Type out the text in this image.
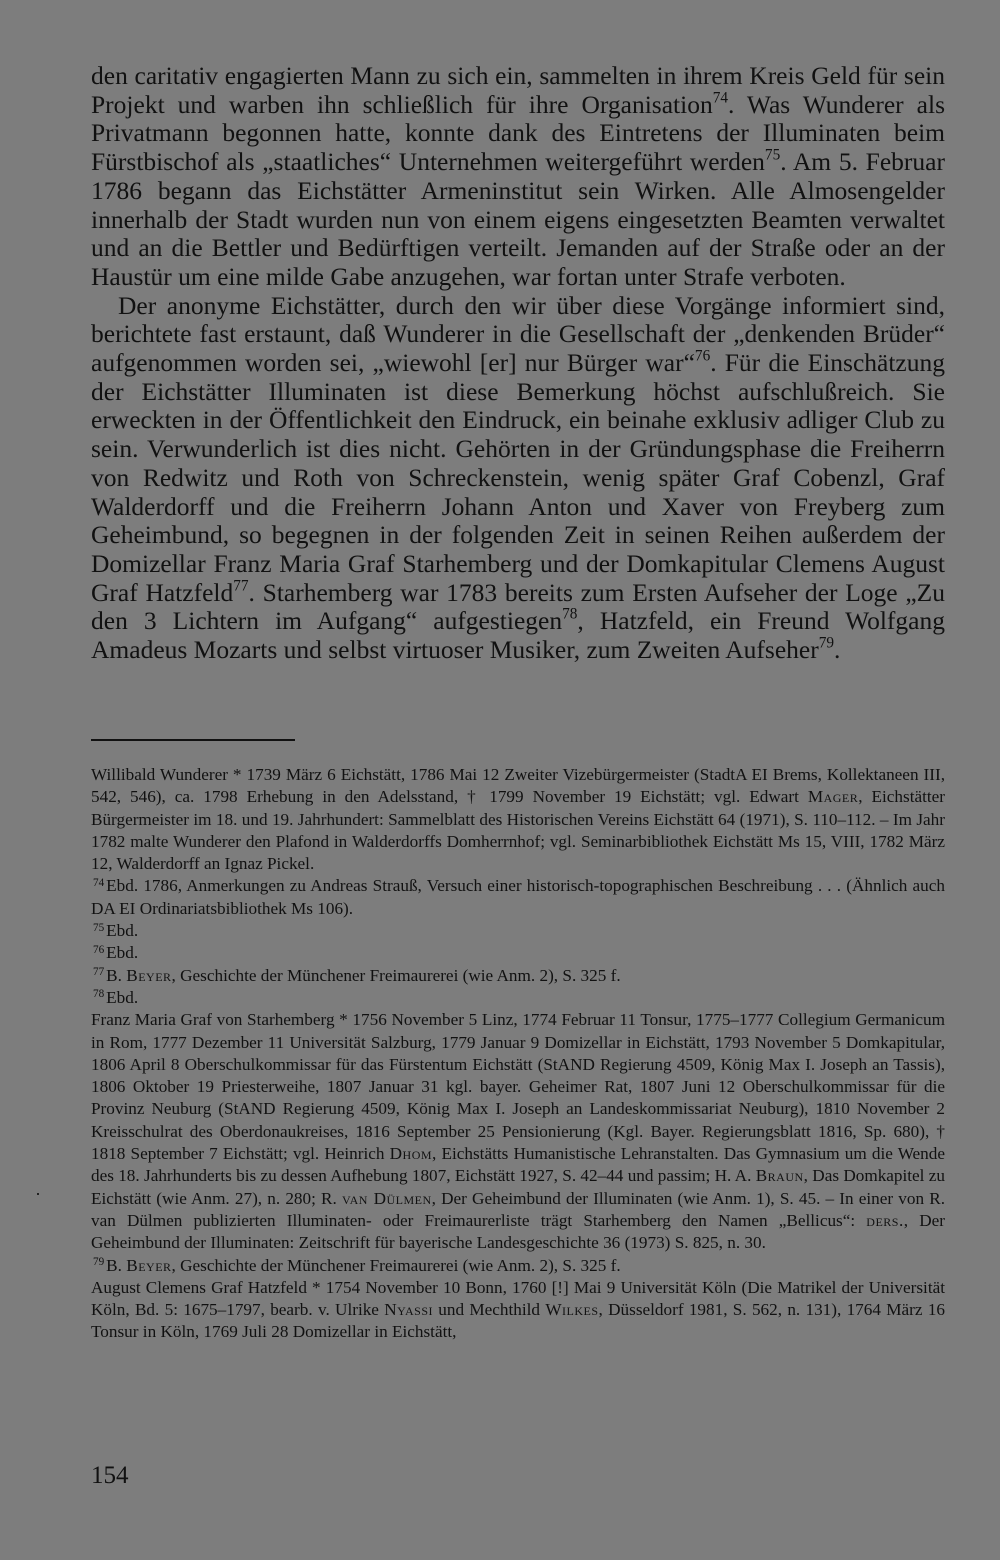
den caritativ engagierten Mann zu sich ein, sammelten in ihrem Kreis Geld für sein Projekt und warben ihn schließlich für ihre Organisation$^{74}$. Was Wunderer als Privatmann begonnen hatte, konnte dank des Eintretens der Illuminaten beim Fürstbischof als „staatliches“ Unternehmen weitergeführt werden$^{75}$. Am 5. Februar 1786 begann das Eichstätter Armeninstitut sein Wirken. Alle Almosengelder innerhalb der Stadt wurden nun von einem eigens eingesetzten Beamten verwaltet und an die Bettler und Bedürftigen verteilt. Jemanden auf der Straße oder an der Haustür um eine milde Gabe anzugehen, war fortan unter Strafe verboten.

Der anonyme Eichstätter, durch den wir über diese Vorgänge informiert sind, berichtete fast erstaunt, daß Wunderer in die Gesellschaft der „denkenden Brüder“ aufgenommen worden sei, „wiewohl [er] nur Bürger war“$^{76}$. Für die Einschätzung der Eichstätter Illuminaten ist diese Bemerkung höchst aufschlußreich. Sie erweckten in der Öffentlichkeit den Eindruck, ein beinahe exklusiv adliger Club zu sein. Verwunderlich ist dies nicht. Gehörten in der Gründungsphase die Freiherrn von Redwitz und Roth von Schreckenstein, wenig später Graf Cobenzl, Graf Walderdorff und die Freiherrn Johann Anton und Xaver von Freyberg zum Geheimbund, so begegnen in der folgenden Zeit in seinen Reihen außerdem der Domizellar Franz Maria Graf Starhemberg und der Domkapitular Clemens August Graf Hatzfeld$^{77}$. Starhemberg war 1783 bereits zum Ersten Aufseher der Loge „Zu den 3 Lichtern im Aufgang“ aufgestiegen$^{78}$, Hatzfeld, ein Freund Wolfgang Amadeus Mozarts und selbst virtuoser Musiker, zum Zweiten Aufseher$^{79}$.

Willibald Wunderer * 1739 März 6 Eichstätt, 1786 Mai 12 Zweiter Vizebürgermeister (StadtA EI Brems, Kollektaneen III, 542, 546), ca. 1798 Erhebung in den Adelsstand, † 1799 November 19 Eichstätt; vgl. Edwart Mager, Eichstätter Bürgermeister im 18. und 19. Jahrhundert: Sammelblatt des Historischen Vereins Eichstätt 64 (1971), S. 110–112. – Im Jahr 1782 malte Wunderer den Plafond in Walderdorffs Domherrnhof; vgl. Seminarbibliothek Eichstätt Ms 15, VIII, 1782 März 12, Walderdorff an Ignaz Pickel.

$^{74}$ Ebd. 1786, Anmerkungen zu Andreas Strauß, Versuch einer historisch-topographischen Beschreibung . . . (Ähnlich auch DA EI Ordinariatsbibliothek Ms 106).

$^{75}$ Ebd.

$^{76}$ Ebd.

$^{77}$ B. Beyer, Geschichte der Münchener Freimaurerei (wie Anm. 2), S. 325 f.

$^{78}$ Ebd.

Franz Maria Graf von Starhemberg * 1756 November 5 Linz, 1774 Februar 11 Tonsur, 1775–1777 Collegium Germanicum in Rom, 1777 Dezember 11 Universität Salzburg, 1779 Januar 9 Domizellar in Eichstätt, 1793 November 5 Domkapitular, 1806 April 8 Oberschulkommissar für das Fürstentum Eichstätt (StAND Regierung 4509, König Max I. Joseph an Tassis), 1806 Oktober 19 Priesterweihe, 1807 Januar 31 kgl. bayer. Geheimer Rat, 1807 Juni 12 Oberschulkommissar für die Provinz Neuburg (StAND Regierung 4509, König Max I. Joseph an Landeskommissariat Neuburg), 1810 November 2 Kreisschulrat des Oberdonaukreises, 1816 September 25 Pensionierung (Kgl. Bayer. Regierungsblatt 1816, Sp. 680), † 1818 September 7 Eichstätt; vgl. Heinrich Dhom, Eichstätts Humanistische Lehranstalten. Das Gymnasium um die Wende des 18. Jahrhunderts bis zu dessen Aufhebung 1807, Eichstätt 1927, S. 42–44 und passim; H. A. Braun, Das Domkapitel zu Eichstätt (wie Anm. 27), n. 280; R. van Dülmen, Der Geheimbund der Illuminaten (wie Anm. 1), S. 45. – In einer von R. van Dülmen publizierten Illuminaten- oder Freimaurerliste trägt Starhemberg den Namen „Bellicus“: ders., Der Geheimbund der Illuminaten: Zeitschrift für bayerische Landesgeschichte 36 (1973) S. 825, n. 30.

$^{79}$ B. Beyer, Geschichte der Münchener Freimaurerei (wie Anm. 2), S. 325 f.

August Clemens Graf Hatzfeld * 1754 November 10 Bonn, 1760 [!] Mai 9 Universität Köln (Die Matrikel der Universität Köln, Bd. 5: 1675–1797, bearb. v. Ulrike Nyassi und Mechthild Wilkes, Düsseldorf 1981, S. 562, n. 131), 1764 März 16 Tonsur in Köln, 1769 Juli 28 Domizellar in Eichstätt,

154
